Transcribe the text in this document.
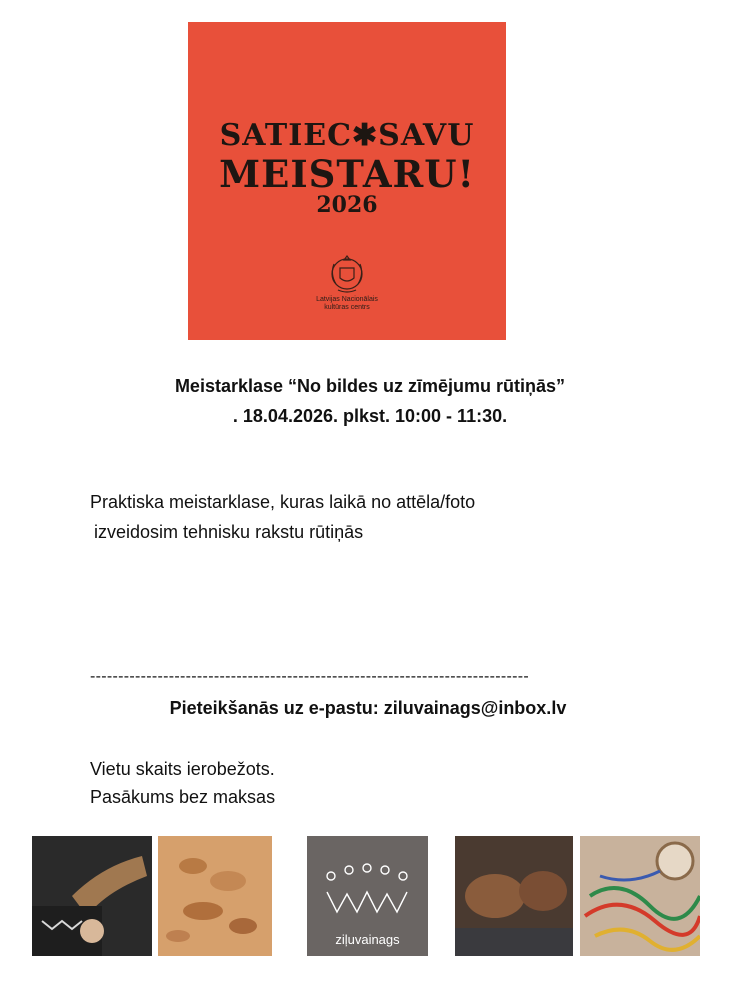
SATIEC✱SAVU
MEISTARU!
2026
Latvijas Nacionālais
kultūras centrs
Meistarklase “No bildes uz zīmējumu rūtiņās”
. 18.04.2026. plkst. 10:00 - 11:30.
Praktiska meistarklase, kuras laikā no attēla/foto
izveidosim tehnisku rakstu rūtiņās
------------------------------------------------------------------------------
Pieteikšanās uz e-pastu: ziluvainags@inbox.lv
Vietu skaits ierobežots.
Pasākums bez maksas
ziļuvainags
